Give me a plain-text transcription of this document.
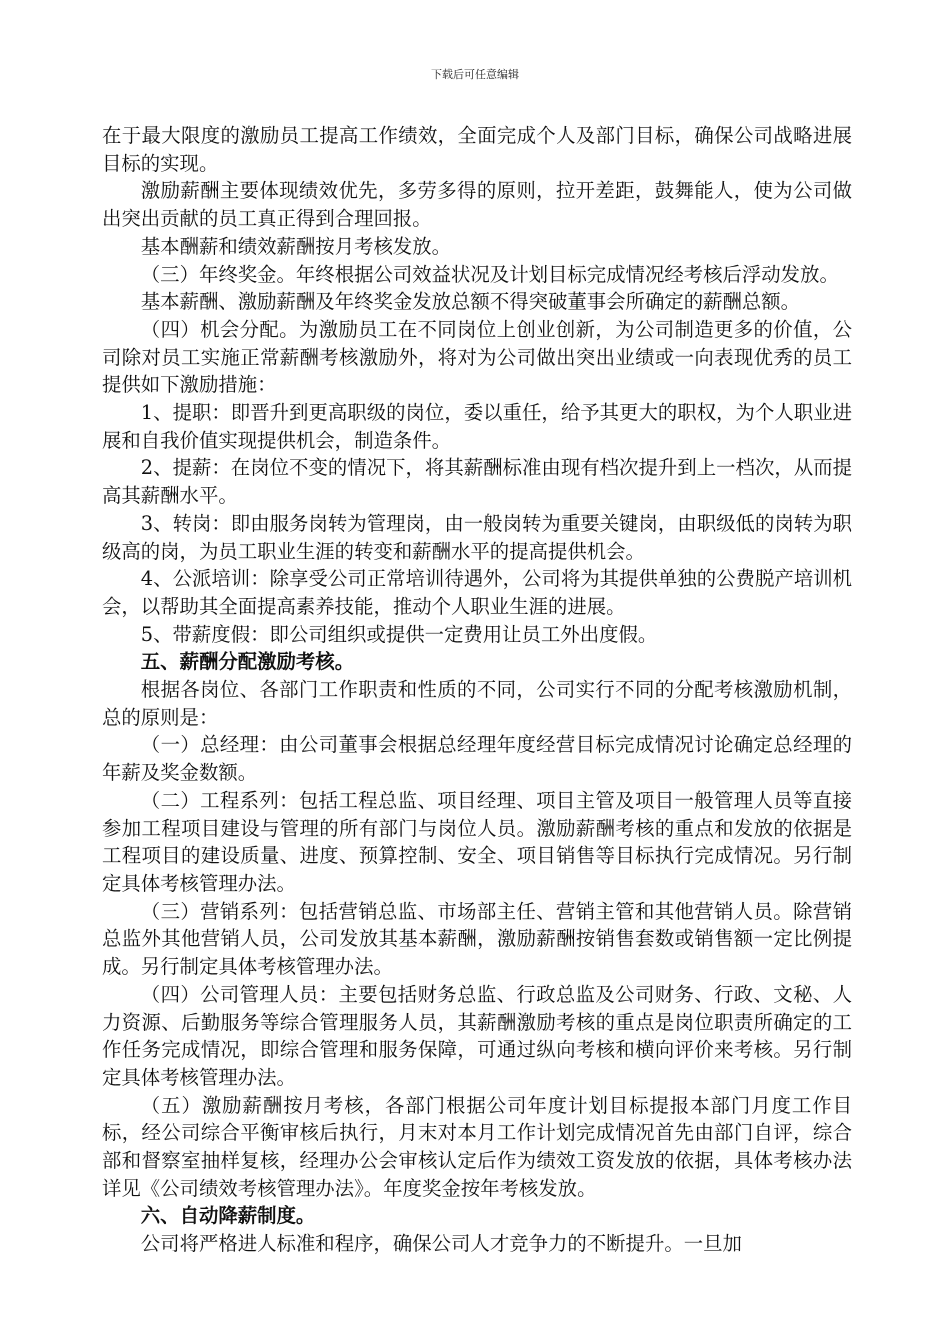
下载后可任意编辑

在于最大限度的激励员工提高工作绩效，全面完成个人及部门目标，确保公司战略进展目标的实现。

激励薪酬主要体现绩效优先，多劳多得的原则，拉开差距，鼓舞能人，使为公司做出突出贡献的员工真正得到合理回报。

基本酬薪和绩效薪酬按月考核发放。

（三）年终奖金。年终根据公司效益状况及计划目标完成情况经考核后浮动发放。

基本薪酬、激励薪酬及年终奖金发放总额不得突破董事会所确定的薪酬总额。

（四）机会分配。为激励员工在不同岗位上创业创新，为公司制造更多的价值，公司除对员工实施正常薪酬考核激励外，将对为公司做出突出业绩或一向表现优秀的员工提供如下激励措施：

1、提职：即晋升到更高职级的岗位，委以重任，给予其更大的职权，为个人职业进展和自我价值实现提供机会，制造条件。

2、提薪：在岗位不变的情况下，将其薪酬标准由现有档次提升到上一档次，从而提高其薪酬水平。

3、转岗：即由服务岗转为管理岗，由一般岗转为重要关键岗，由职级低的岗转为职级高的岗，为员工职业生涯的转变和薪酬水平的提高提供机会。

4、公派培训：除享受公司正常培训待遇外，公司将为其提供单独的公费脱产培训机会，以帮助其全面提高素养技能，推动个人职业生涯的进展。

5、带薪度假：即公司组织或提供一定费用让员工外出度假。

五、薪酬分配激励考核。

根据各岗位、各部门工作职责和性质的不同，公司实行不同的分配考核激励机制，总的原则是：

（一）总经理：由公司董事会根据总经理年度经营目标完成情况讨论确定总经理的年薪及奖金数额。

（二）工程系列：包括工程总监、项目经理、项目主管及项目一般管理人员等直接参加工程项目建设与管理的所有部门与岗位人员。激励薪酬考核的重点和发放的依据是工程项目的建设质量、进度、预算控制、安全、项目销售等目标执行完成情况。另行制定具体考核管理办法。

（三）营销系列：包括营销总监、市场部主任、营销主管和其他营销人员。除营销总监外其他营销人员，公司发放其基本薪酬，激励薪酬按销售套数或销售额一定比例提成。另行制定具体考核管理办法。

（四）公司管理人员：主要包括财务总监、行政总监及公司财务、行政、文秘、人力资源、后勤服务等综合管理服务人员，其薪酬激励考核的重点是岗位职责所确定的工作任务完成情况，即综合管理和服务保障，可通过纵向考核和横向评价来考核。另行制定具体考核管理办法。

（五）激励薪酬按月考核，各部门根据公司年度计划目标提报本部门月度工作目标，经公司综合平衡审核后执行，月末对本月工作计划完成情况首先由部门自评，综合部和督察室抽样复核，经理办公会审核认定后作为绩效工资发放的依据，具体考核办法详见《公司绩效考核管理办法》。年度奖金按年考核发放。

六、自动降薪制度。

公司将严格进人标准和程序，确保公司人才竞争力的不断提升。一旦加
